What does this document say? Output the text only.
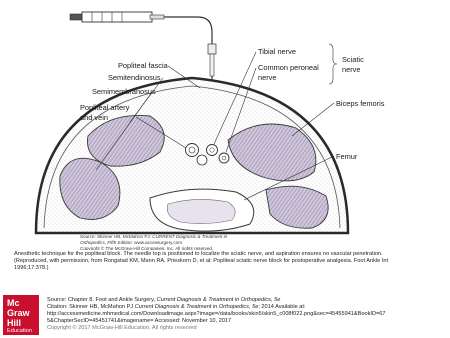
Popliteal fascia
Semitendinosus
Semimembranosus
Popliteal artery
and vein
Tibial nerve
Common peroneal
nerve
Sciatic
nerve
Biceps femoris
Femur
Source: Skinner HB, McMahon PJ: CURRENT Diagnosis & Treatment in
Orthopedics, Fifth Edition: www.accessurgery.com
Copyright © The McGraw-Hill Companies, Inc. All rights reserved.
Anesthetic technique for the popliteal block. The needle top is positioned to localize the sciatic nerve, and aspiration ensures no vascular penetration.
(Reproduced, with permission, from Rongstad KM, Mann RA, Prieskorn D, et al: Popliteal sciatic nerve block for postoperative analgesia. Foot Ankle Int
1996;17:378.)
Mc
Graw
Hill
Education
Source: Chapter 8. Foot and Ankle Surgery, Current Diagnosis & Treatment in Orthopedics, 5e
Citation: Skinner HB, McMahon PJ Current Diagnosis & Treatment in Orthopedics, 5e; 2014 Available at:
http://accessmedicine.mhmedical.com/Downloadimage.aspx?image=/data/books/skin5/skin5_c008f022.png&sec=45455941&BookID=67
5&ChapterSecID=45451741&imagename= Accessed: November 10, 2017
Copyright © 2017 McGraw-Hill Education. All rights reserved
